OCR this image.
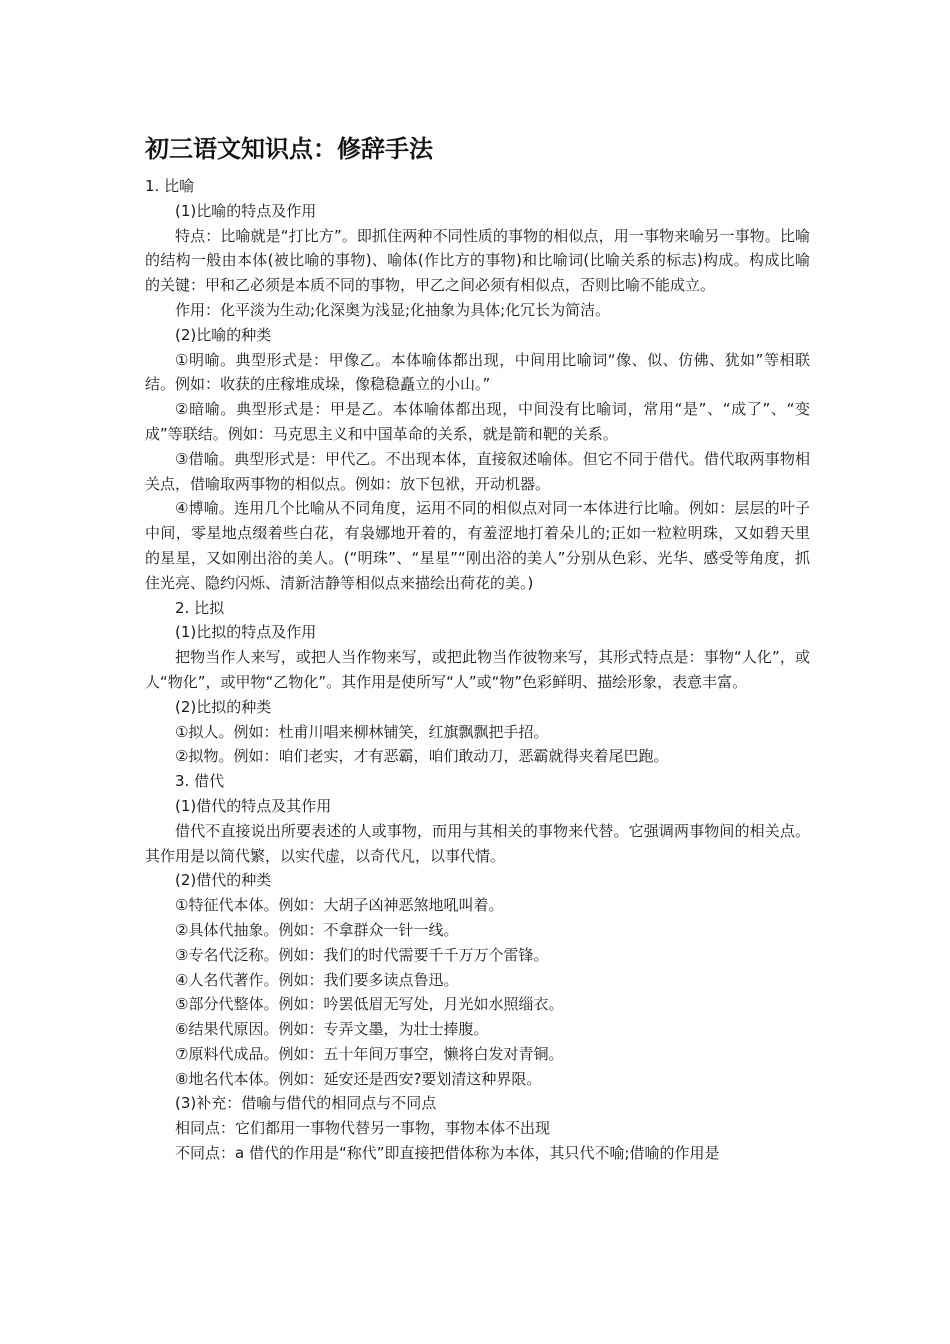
初三语文知识点：修辞手法

1. 比喻

(1)比喻的特点及作用

特点：比喻就是“打比方”。即抓住两种不同性质的事物的相似点，用一事物来喻另一事物。比喻的结构一般由本体(被比喻的事物)、喻体(作比方的事物)和比喻词(比喻关系的标志)构成。构成比喻的关键：甲和乙必须是本质不同的事物，甲乙之间必须有相似点，否则比喻不能成立。

作用：化平淡为生动;化深奥为浅显;化抽象为具体;化冗长为简洁。

(2)比喻的种类

①明喻。典型形式是：甲像乙。本体喻体都出现，中间用比喻词“像、似、仿佛、犹如”等相联结。例如：收获的庄稼堆成垛，像稳稳矗立的小山。”

②暗喻。典型形式是：甲是乙。本体喻体都出现，中间没有比喻词，常用“是”、“成了”、“变成”等联结。例如：马克思主义和中国革命的关系，就是箭和靶的关系。

③借喻。典型形式是：甲代乙。不出现本体，直接叙述喻体。但它不同于借代。借代取两事物相关点，借喻取两事物的相似点。例如：放下包袱，开动机器。

④博喻。连用几个比喻从不同角度，运用不同的相似点对同一本体进行比喻。例如：层层的叶子中间，零星地点缀着些白花，有袅娜地开着的，有羞涩地打着朵儿的;正如一粒粒明珠，又如碧天里的星星，又如刚出浴的美人。(“明珠”、“星星”“刚出浴的美人”分别从色彩、光华、感受等角度，抓住光亮、隐约闪烁、清新洁静等相似点来描绘出荷花的美。)

2. 比拟

(1)比拟的特点及作用

把物当作人来写，或把人当作物来写，或把此物当作彼物来写，其形式特点是：事物“人化”，或人“物化”，或甲物“乙物化”。其作用是使所写“人”或“物”色彩鲜明、描绘形象，表意丰富。

(2)比拟的种类

①拟人。例如：杜甫川唱来柳林铺笑，红旗飘飘把手招。

②拟物。例如：咱们老实，才有恶霸，咱们敢动刀，恶霸就得夹着尾巴跑。

3. 借代

(1)借代的特点及其作用

借代不直接说出所要表述的人或事物，而用与其相关的事物来代替。它强调两事物间的相关点。其作用是以简代繁，以实代虚，以奇代凡，以事代情。

(2)借代的种类

①特征代本体。例如：大胡子凶神恶煞地吼叫着。

②具体代抽象。例如：不拿群众一针一线。

③专名代泛称。例如：我们的时代需要千千万万个雷锋。

④人名代著作。例如：我们要多读点鲁迅。

⑤部分代整体。例如：吟罢低眉无写处，月光如水照缁衣。

⑥结果代原因。例如：专弄文墨，为壮士捧腹。

⑦原料代成品。例如：五十年间万事空，懒将白发对青铜。

⑧地名代本体。例如：延安还是西安?要划清这种界限。

(3)补充：借喻与借代的相同点与不同点

相同点：它们都用一事物代替另一事物，事物本体不出现

不同点：a 借代的作用是“称代”即直接把借体称为本体，其只代不喻;借喻的作用是
